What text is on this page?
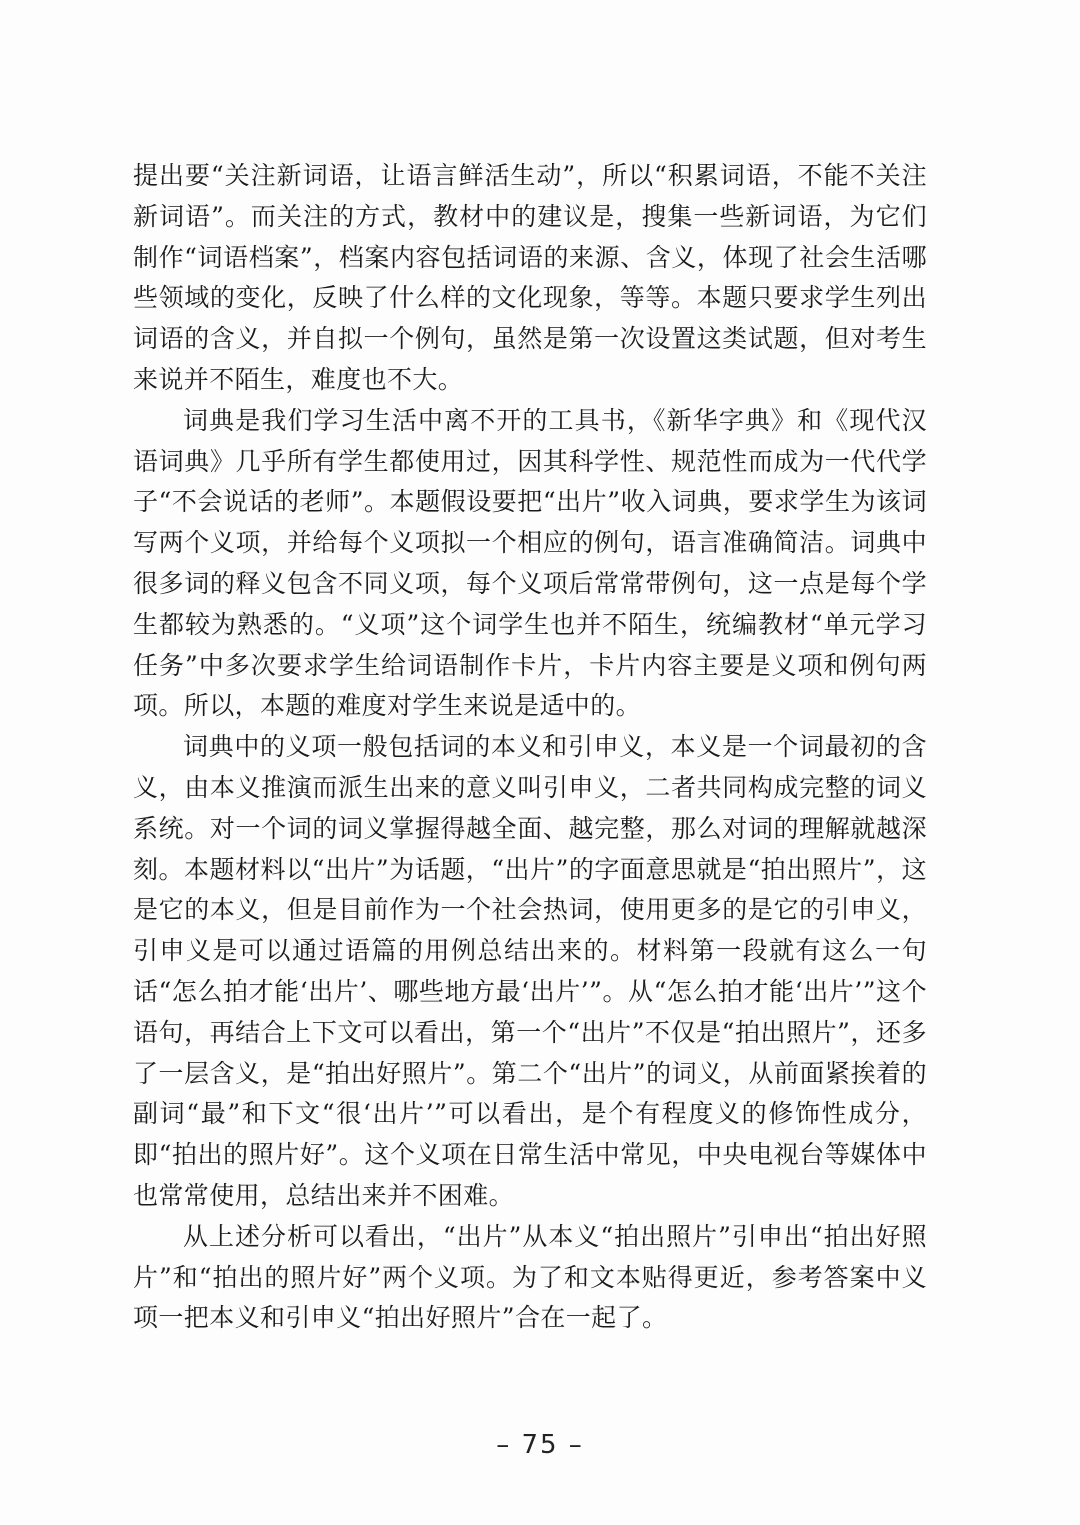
提出要“关注新词语，让语言鲜活生动”，所以“积累词语，不能不关注新词语”。而关注的方式，教材中的建议是，搜集一些新词语，为它们制作“词语档案”，档案内容包括词语的来源、含义，体现了社会生活哪些领域的变化，反映了什么样的文化现象，等等。本题只要求学生列出词语的含义，并自拟一个例句，虽然是第一次设置这类试题，但对考生来说并不陌生，难度也不大。

词典是我们学习生活中离不开的工具书，《新华字典》和《现代汉语词典》几乎所有学生都使用过，因其科学性、规范性而成为一代代学子“不会说话的老师”。本题假设要把“出片”收入词典，要求学生为该词写两个义项，并给每个义项拟一个相应的例句，语言准确简洁。词典中很多词的释义包含不同义项，每个义项后常常带例句，这一点是每个学生都较为熟悉的。“义项”这个词学生也并不陌生，统编教材“单元学习任务”中多次要求学生给词语制作卡片，卡片内容主要是义项和例句两项。所以，本题的难度对学生来说是适中的。

词典中的义项一般包括词的本义和引申义，本义是一个词最初的含义，由本义推演而派生出来的意义叫引申义，二者共同构成完整的词义系统。对一个词的词义掌握得越全面、越完整，那么对词的理解就越深刻。本题材料以“出片”为话题，“出片”的字面意思就是“拍出照片”，这是它的本义，但是目前作为一个社会热词，使用更多的是它的引申义，引申义是可以通过语篇的用例总结出来的。材料第一段就有这么一句话“怎么拍才能‘出片’、哪些地方最‘出片’”。从“怎么拍才能‘出片’”这个语句，再结合上下文可以看出，第一个“出片”不仅是“拍出照片”，还多了一层含义，是“拍出好照片”。第二个“出片”的词义，从前面紧挨着的副词“最”和下文“很‘出片’”可以看出，是个有程度义的修饰性成分，即“拍出的照片好”。这个义项在日常生活中常见，中央电视台等媒体中也常常使用，总结出来并不困难。

从上述分析可以看出，“出片”从本义“拍出照片”引申出“拍出好照片”和“拍出的照片好”两个义项。为了和文本贴得更近，参考答案中义项一把本义和引申义“拍出好照片”合在一起了。

– 75 –
